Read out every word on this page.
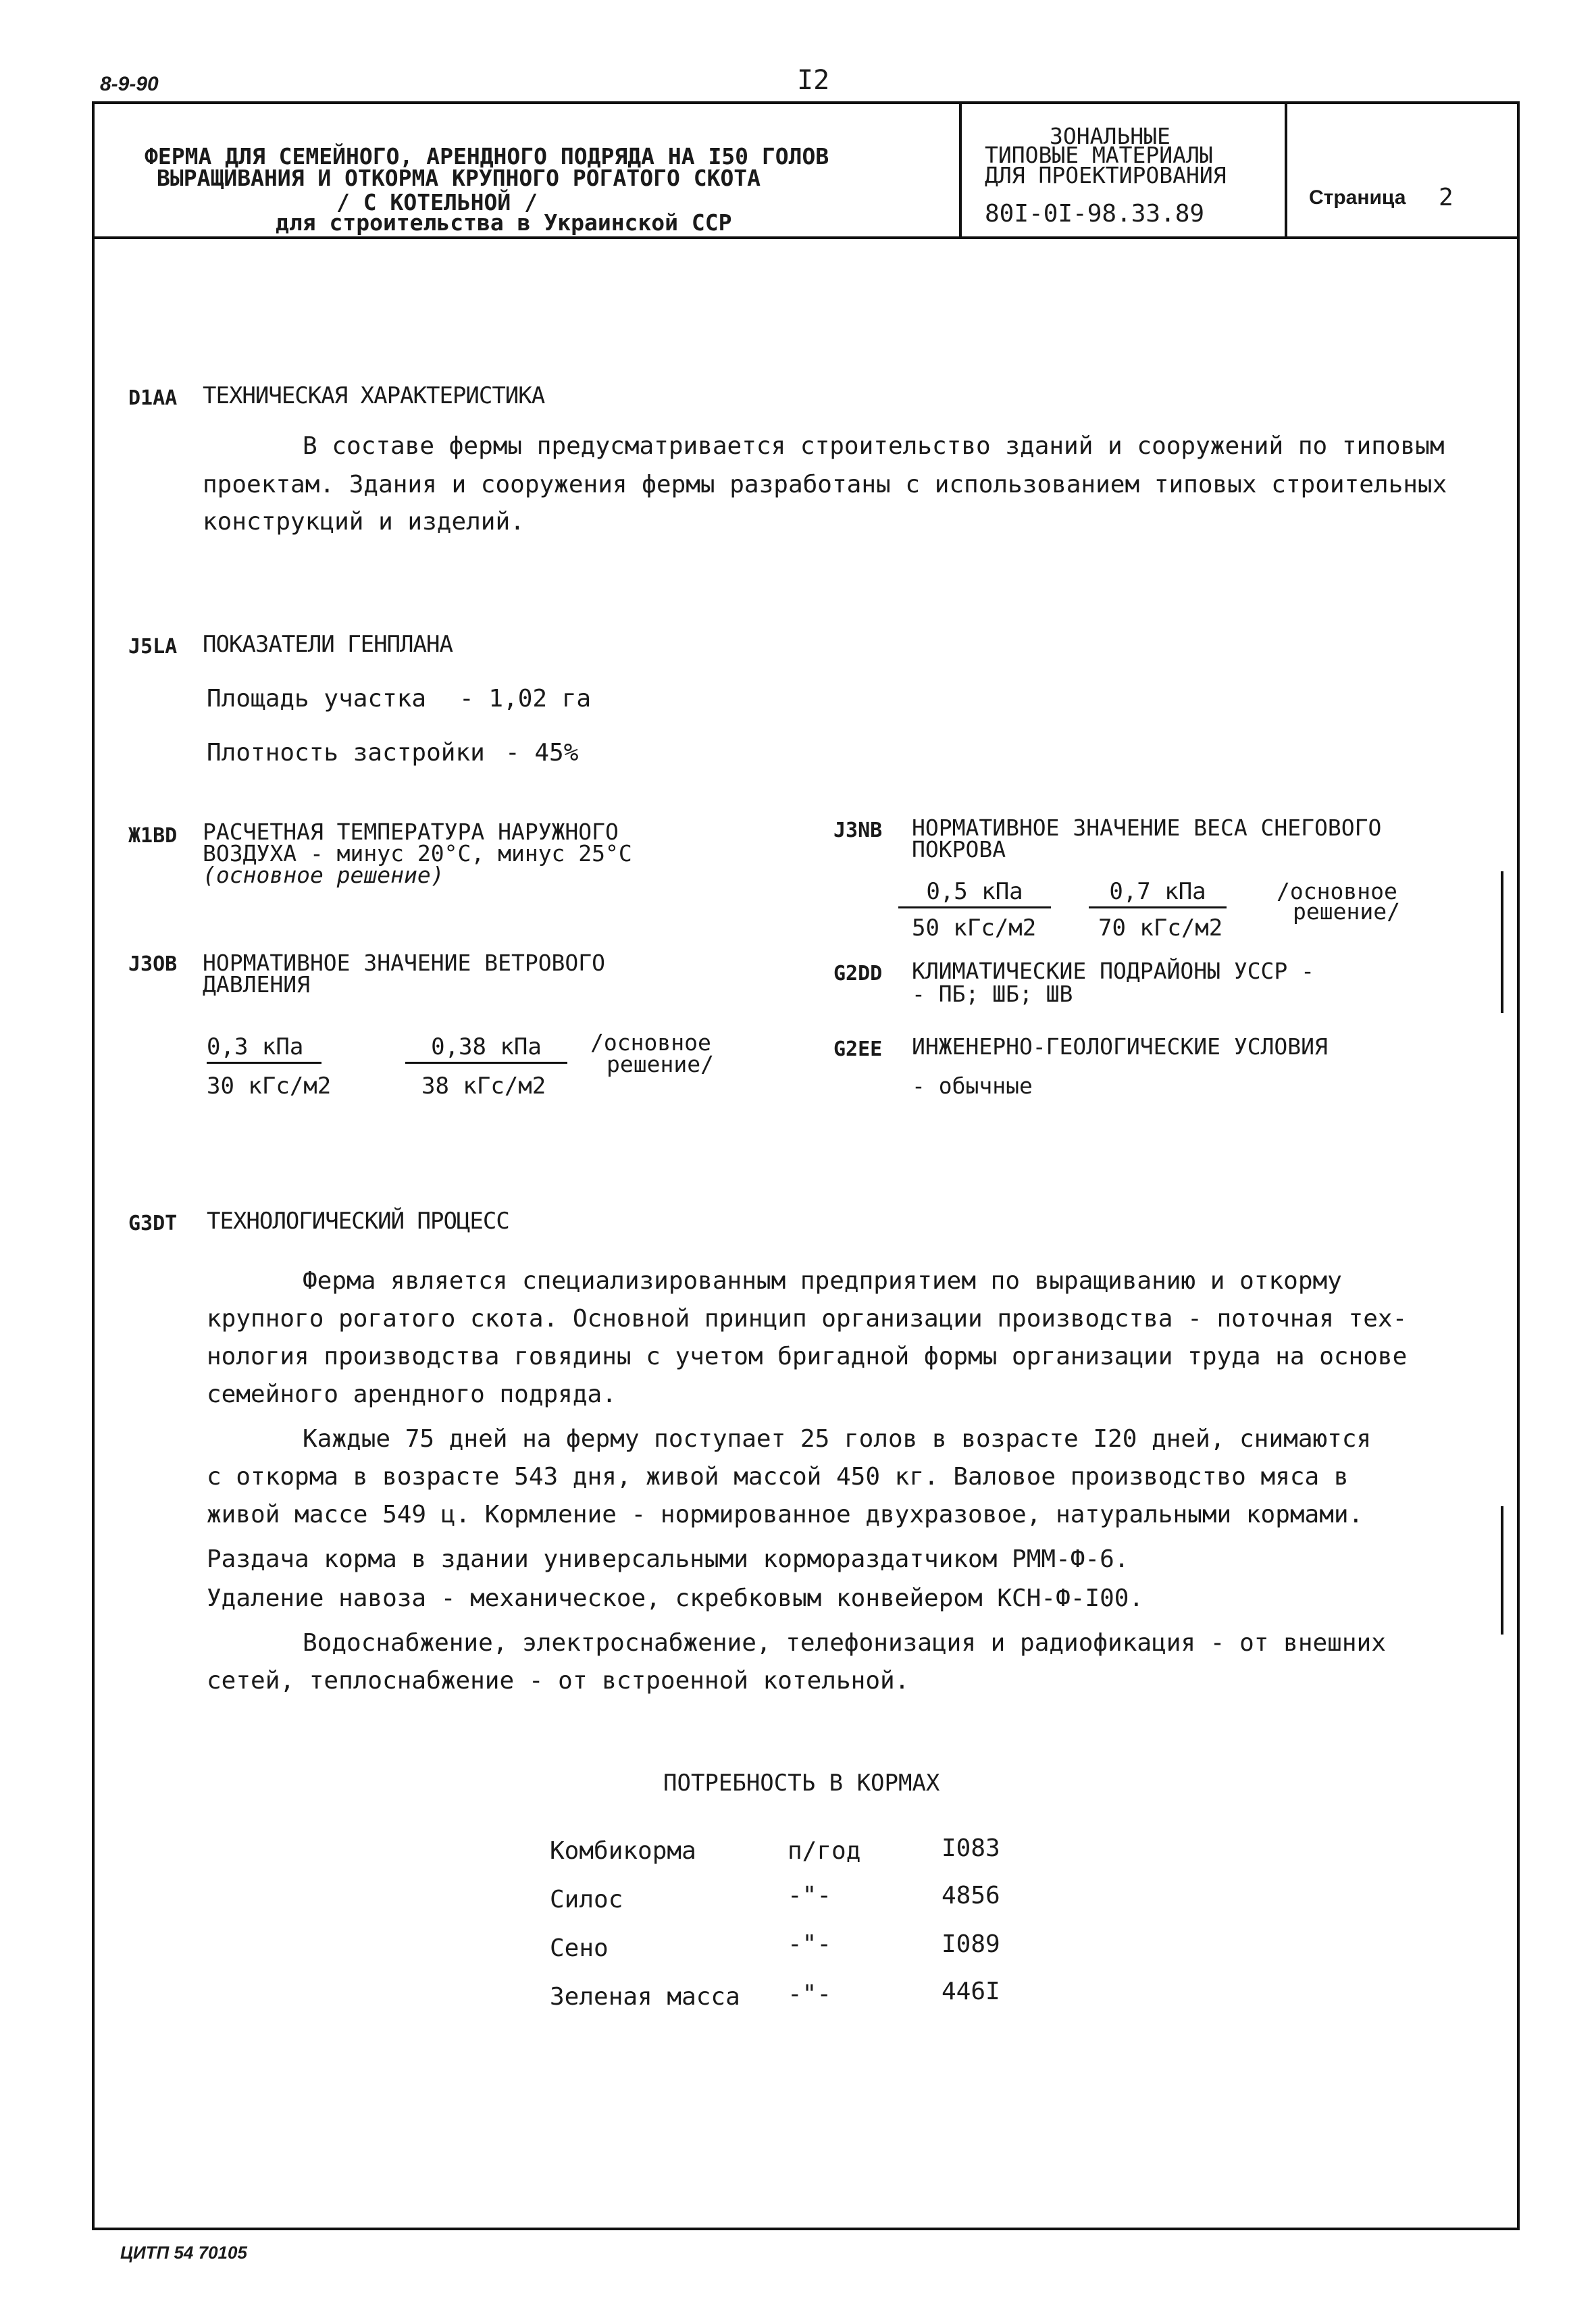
8-9-90	I2
ФЕРМА ДЛЯ СЕМЕЙНОГО, АРЕНДНОГО ПОДРЯДА НА I50 ГОЛОВ
ВЫРАЩИВАНИЯ И ОТКОРМА КРУПНОГО РОГАТОГО СКОТА
/ С КОТЕЛЬНОЙ /
для строительства в Украинской ССР
ЗОНАЛЬНЫЕ
ТИПОВЫЕ МАТЕРИАЛЫ
ДЛЯ ПРОЕКТИРОВАНИЯ
80I-0I-98.33.89
Страница 2
D1AA ТЕХНИЧЕСКАЯ ХАРАКТЕРИСТИКА
В составе фермы предусматривается строительство зданий и сооружений по типовым
проектам. Здания и сооружения фермы разработаны с использованием типовых строительных
конструкций и изделий.
J5LA ПОКАЗАТЕЛИ ГЕНПЛАНА
Площадь участка - 1,02 га
Плотность застройки - 45%
Ж1BD РАСЧЕТНАЯ ТЕМПЕРАТУРА НАРУЖНОГО
ВОЗДУХА - минус 20°С, минус 25°С
(основное решение)
J3OB НОРМАТИВНОЕ ЗНАЧЕНИЕ ВЕТРОВОГО
ДАВЛЕНИЯ
0,3 кПа
30 кГс/м2
0,38 кПа
38 кГс/м2
/основное
решение/
J3NB НОРМАТИВНОЕ ЗНАЧЕНИЕ ВЕСА СНЕГОВОГО
ПОКРОВА
0,5 кПа
50 кГс/м2
0,7 кПа
70 кГс/м2
/основное
решение/
G2DD КЛИМАТИЧЕСКИЕ ПОДРАЙОНЫ УССР -
- ПБ; ШБ; ШВ
G2EE ИНЖЕНЕРНО-ГЕОЛОГИЧЕСКИЕ УСЛОВИЯ
- обычные
G3DT ТЕХНОЛОГИЧЕСКИЙ ПРОЦЕСС
Ферма является специализированным предприятием по выращиванию и откорму
крупного рогатого скота. Основной принцип организации производства - поточная тех-
нология производства говядины с учетом бригадной формы организации труда на основе
семейного арендного подряда.
Каждые 75 дней на ферму поступает 25 голов в возрасте I20 дней, снимаются
с откорма в возрасте 543 дня, живой массой 450 кг. Валовое производство мяса в
живой массе 549 ц. Кормление - нормированное двухразовое, натуральными кормами.
Раздача корма в здании универсальными кормораздатчиком РММ-Ф-6.
Удаление навоза - механическое, скребковым конвейером КСН-Ф-I00.
Водоснабжение, электроснабжение, телефонизация и радиофикация - от внешних
сетей, теплоснабжение - от встроенной котельной.
ПОТРЕБНОСТЬ В КОРМАХ
Комбикорма	п/год	I083
Силос	-"-	4856
Сено	-"-	I089
Зеленая масса -"-	446I
ЦИТП 54 70105
